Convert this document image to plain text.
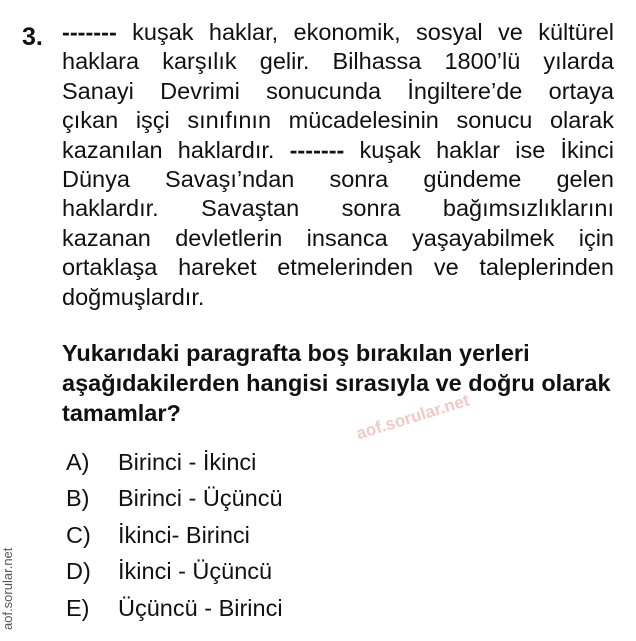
3. ------- kuşak haklar, ekonomik, sosyal ve kültürel
haklara karşılık gelir. Bilhassa 1800’lü yılarda
Sanayi Devrimi sonucunda İngiltere’de ortaya
çıkan işçi sınıfının mücadelesinin sonucu olarak
kazanılan haklardır. ------- kuşak haklar ise İkinci
Dünya Savaşı’ndan sonra gündeme gelen
haklardır. Savaştan sonra bağımsızlıklarını
kazanan devletlerin insanca yaşayabilmek için
ortaklaşa hareket etmelerinden ve taleplerinden
doğmuşlardır.
Yukarıdaki paragrafta boş bırakılan yerleri aşağıdakilerden hangisi sırasıyla ve doğru olarak tamamlar?	aof.sorular.net
A)	Birinci - İkinci
B)	Birinci - Üçüncü
C)	İkinci- Birinci
D)	İkinci - Üçüncü
E)	Üçüncü - Birinci
aof.sorular.net
